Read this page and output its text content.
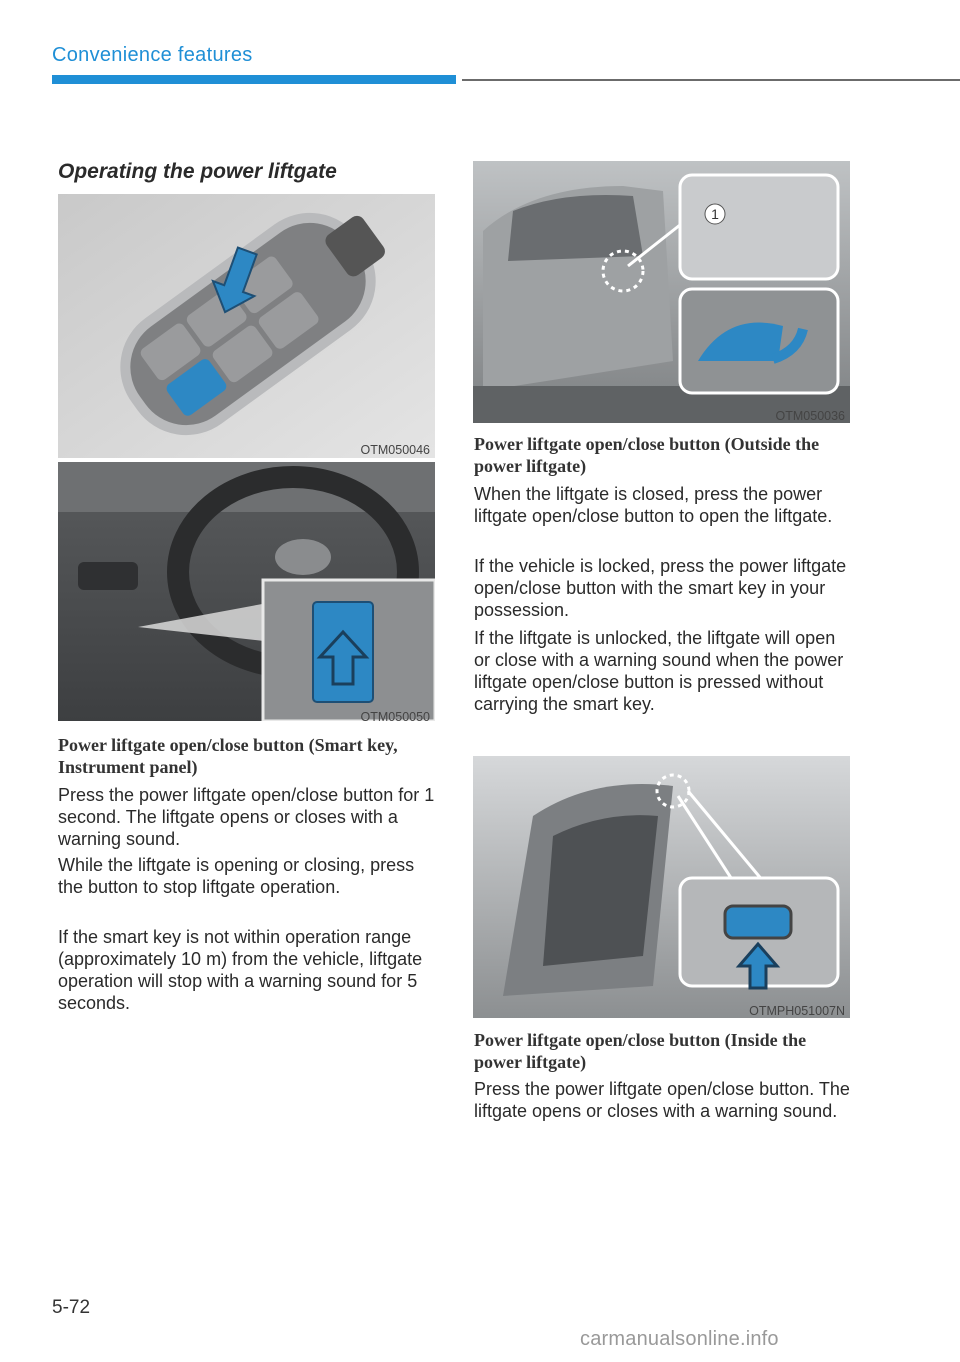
Convenience features
Operating the power liftgate
OTM050046
OTM050050
Power liftgate open/close button (Smart key, Instrument panel)

Press the power liftgate open/close button for 1 second. The liftgate opens or closes with a warning sound.

While the liftgate is opening or closing, press the button to stop liftgate operation.

If the smart key is not within operation range (approximately 10 m) from the vehicle, liftgate operation will stop with a warning sound for 5 seconds.

1
OTM050036
Power liftgate open/close button (Outside the power liftgate)

When the liftgate is closed, press the power liftgate open/close button to open the liftgate.

If the vehicle is locked, press the power liftgate open/close button with the smart key in your possession.

If the liftgate is unlocked, the liftgate will open or close with a warning sound when the power liftgate open/close button is pressed without carrying the smart key.

OTMPH051007N
Power liftgate open/close button (Inside the power liftgate)

Press the power liftgate open/close button. The liftgate opens or closes with a warning sound.

5-72
carmanualsonline.info
